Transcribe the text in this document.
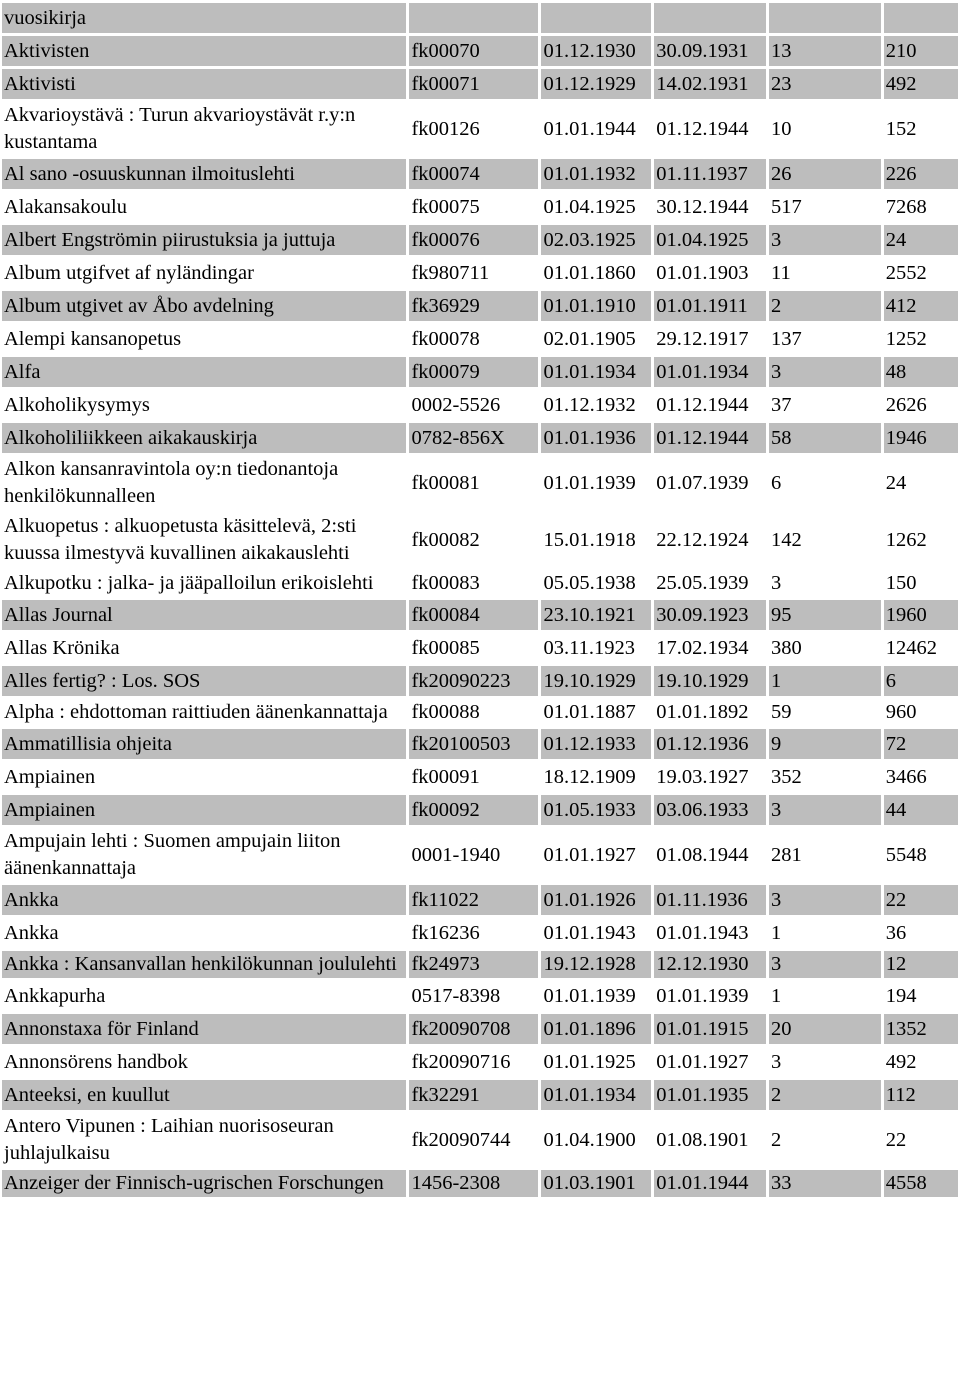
vuosikirja					
Aktivisten	fk00070	01.12.1930	30.09.1931	13	210
Aktivisti	fk00071	01.12.1929	14.02.1931	23	492
Akvarioystävä : Turun akvarioystävät r.y:n kustantama	fk00126	01.01.1944	01.12.1944	10	152
Al sano -osuuskunnan ilmoituslehti	fk00074	01.01.1932	01.11.1937	26	226
Alakansakoulu	fk00075	01.04.1925	30.12.1944	517	7268
Albert Engströmin piirustuksia ja juttuja	fk00076	02.03.1925	01.04.1925	3	24
Album utgifvet af nyländingar	fk980711	01.01.1860	01.01.1903	11	2552
Album utgivet av Åbo avdelning	fk36929	01.01.1910	01.01.1911	2	412
Alempi kansanopetus	fk00078	02.01.1905	29.12.1917	137	1252
Alfa	fk00079	01.01.1934	01.01.1934	3	48
Alkoholikysymys	0002-5526	01.12.1932	01.12.1944	37	2626
Alkoholiliikkeen aikakauskirja	0782-856X	01.01.1936	01.12.1944	58	1946
Alkon kansanravintola oy:n tiedonantoja henkilökunnalleen	fk00081	01.01.1939	01.07.1939	6	24
Alkuopetus : alkuopetusta käsittelevä, 2:sti kuussa ilmestyvä kuvallinen aikakauslehti	fk00082	15.01.1918	22.12.1924	142	1262
Alkupotku : jalka- ja jääpalloilun erikoislehti	fk00083	05.05.1938	25.05.1939	3	150
Allas Journal	fk00084	23.10.1921	30.09.1923	95	1960
Allas Krönika	fk00085	03.11.1923	17.02.1934	380	12462
Alles fertig? : Los. SOS	fk20090223	19.10.1929	19.10.1929	1	6
Alpha : ehdottoman raittiuden äänenkannattaja	fk00088	01.01.1887	01.01.1892	59	960
Ammatillisia ohjeita	fk20100503	01.12.1933	01.12.1936	9	72
Ampiainen	fk00091	18.12.1909	19.03.1927	352	3466
Ampiainen	fk00092	01.05.1933	03.06.1933	3	44
Ampujain lehti : Suomen ampujain liiton äänenkannattaja	0001-1940	01.01.1927	01.08.1944	281	5548
Ankka	fk11022	01.01.1926	01.11.1936	3	22
Ankka	fk16236	01.01.1943	01.01.1943	1	36
Ankka : Kansanvallan henkilökunnan joululehti	fk24973	19.12.1928	12.12.1930	3	12
Ankkapurha	0517-8398	01.01.1939	01.01.1939	1	194
Annonstaxa för Finland	fk20090708	01.01.1896	01.01.1915	20	1352
Annonsörens handbok	fk20090716	01.01.1925	01.01.1927	3	492
Anteeksi, en kuullut	fk32291	01.01.1934	01.01.1935	2	112
Antero Vipunen : Laihian nuorisoseuran juhlajulkaisu	fk20090744	01.04.1900	01.08.1901	2	22
Anzeiger der Finnisch-ugrischen Forschungen	1456-2308	01.03.1901	01.01.1944	33	4558
